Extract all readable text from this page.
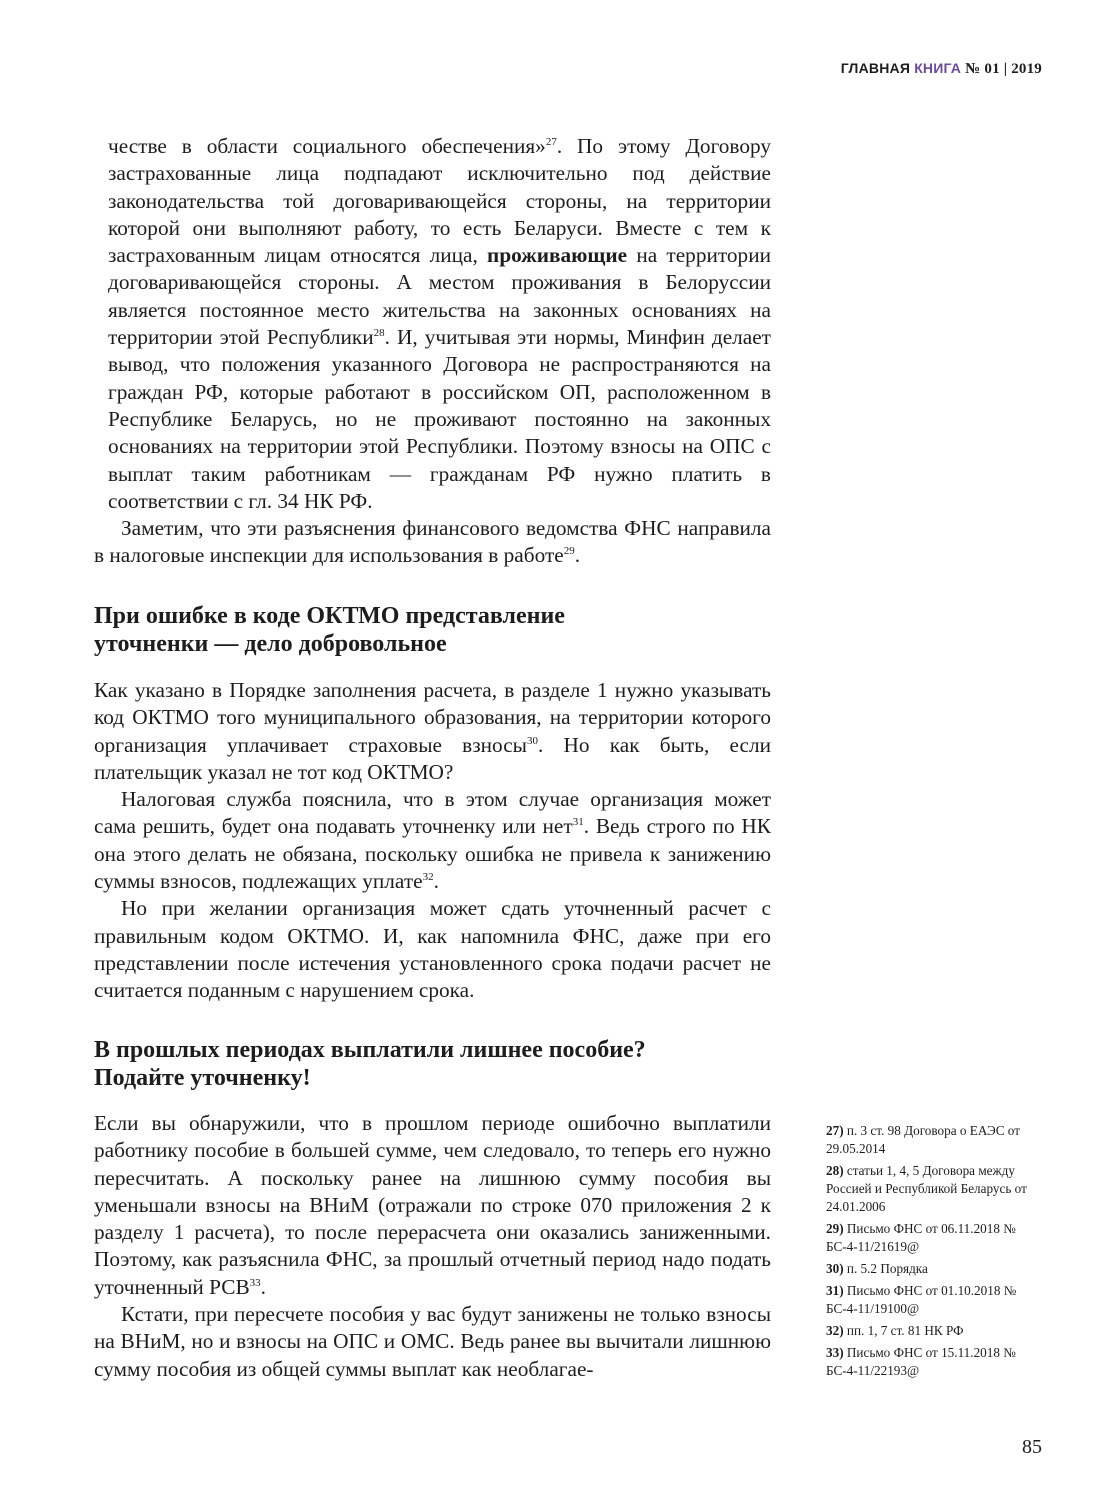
ГЛАВНАЯ КНИГА № 01 | 2019

честве в области социального обеспечения»$^{27}$. По этому Договору застрахованные лица подпадают исключительно под действие законодательства той договаривающейся стороны, на территории которой они выполняют работу, то есть Беларуси. Вместе с тем к застрахованным лицам относятся лица, проживающие на территории договаривающейся стороны. А местом проживания в Белоруссии является постоянное место жительства на законных основаниях на территории этой Республики$^{28}$. И, учитывая эти нормы, Минфин делает вывод, что положения указанного Договора не распространяются на граждан РФ, которые работают в российском ОП, расположенном в Республике Беларусь, но не проживают постоянно на законных основаниях на территории этой Республики. Поэтому взносы на ОПС с выплат таким работникам — гражданам РФ нужно платить в соответствии с гл. 34 НК РФ.

Заметим, что эти разъяснения финансового ведомства ФНС направила в налоговые инспекции для использования в работе$^{29}$.

При ошибке в коде ОКТМО представление
уточненки — дело добровольное

Как указано в Порядке заполнения расчета, в разделе 1 нужно указывать код ОКТМО того муниципального образования, на территории которого организация уплачивает страховые взносы$^{30}$. Но как быть, если плательщик указал не тот код ОКТМО?

Налоговая служба пояснила, что в этом случае организация может сама решить, будет она подавать уточненку или нет$^{31}$. Ведь строго по НК она этого делать не обязана, поскольку ошибка не привела к занижению суммы взносов, подлежащих уплате$^{32}$.

Но при желании организация может сдать уточненный расчет с правильным кодом ОКТМО. И, как напомнила ФНС, даже при его представлении после истечения установленного срока подачи расчет не считается поданным с нарушением срока.

В прошлых периодах выплатили лишнее пособие?
Подайте уточненку!

Если вы обнаружили, что в прошлом периоде ошибочно выплатили работнику пособие в большей сумме, чем следовало, то теперь его нужно пересчитать. А поскольку ранее на лишнюю сумму пособия вы уменьшали взносы на ВНиМ (отражали по строке 070 приложения 2 к разделу 1 расчета), то после перерасчета они оказались заниженными. Поэтому, как разъяснила ФНС, за прошлый отчетный период надо подать уточненный РСВ$^{33}$.

Кстати, при пересчете пособия у вас будут занижены не только взносы на ВНиМ, но и взносы на ОПС и ОМС. Ведь ранее вы вычитали лишнюю сумму пособия из общей суммы выплат как необлагае-

27) п. 3 ст. 98 Договора о ЕАЭС от 29.05.2014
28) статьи 1, 4, 5 Договора между Россией и Республикой Беларусь от 24.01.2006
29) Письмо ФНС от 06.11.2018 № БС-4-11/21619@
30) п. 5.2 Порядка
31) Письмо ФНС от 01.10.2018 № БС-4-11/19100@
32) пп. 1, 7 ст. 81 НК РФ
33) Письмо ФНС от 15.11.2018 № БС-4-11/22193@
85
